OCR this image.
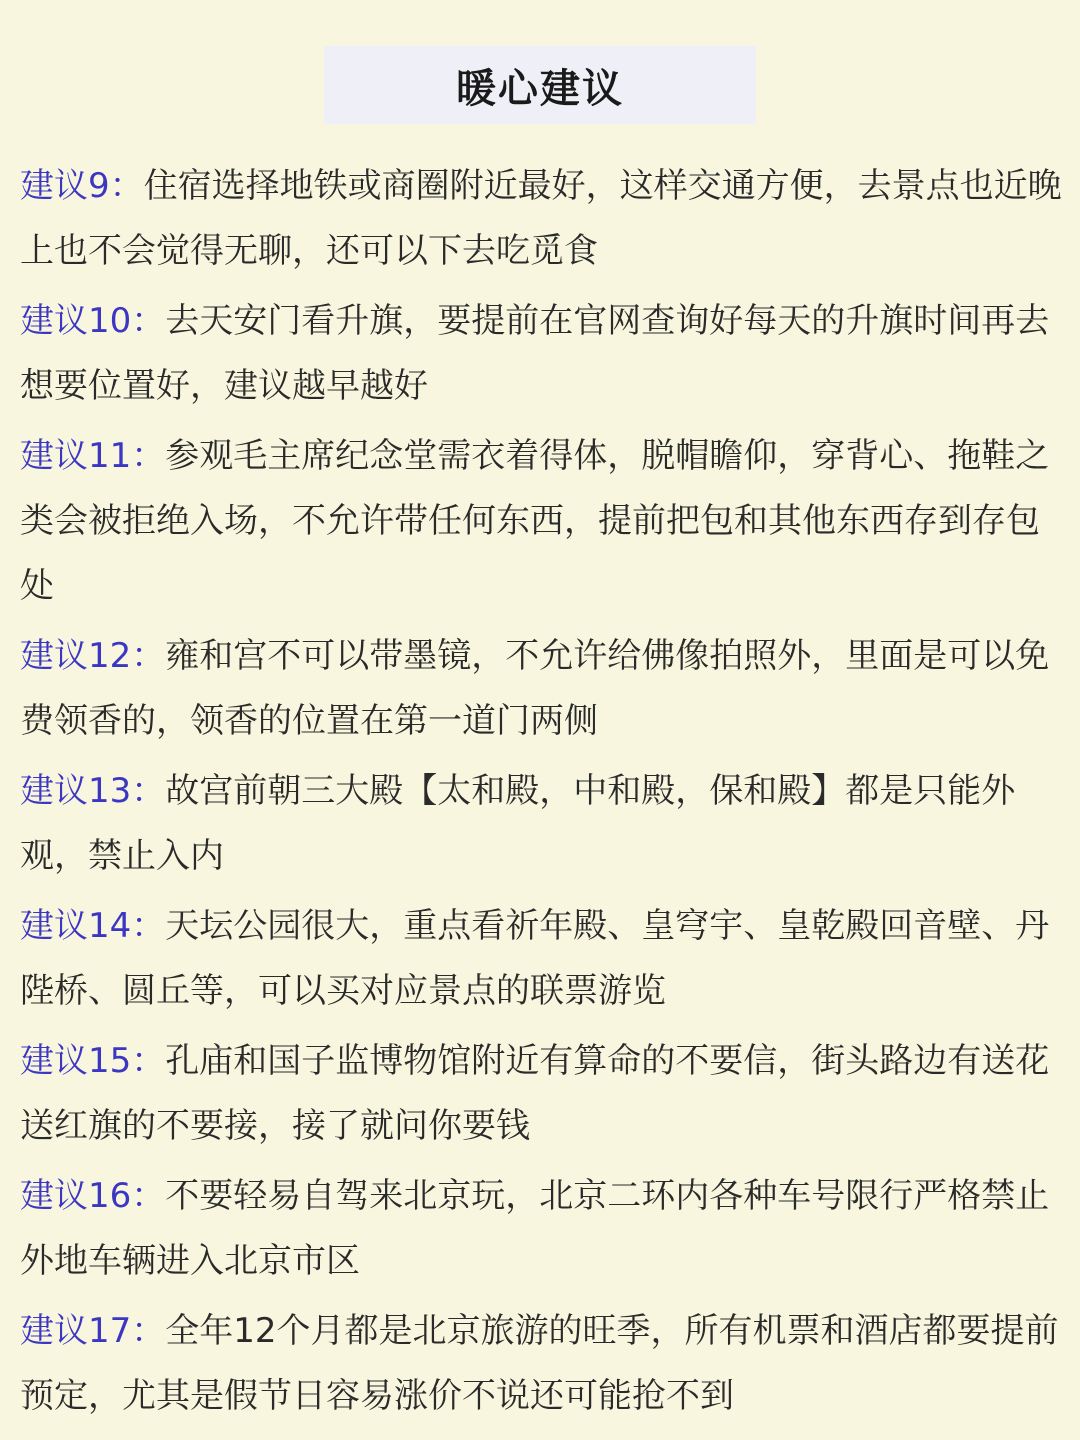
暖心建议
建议9：住宿选择地铁或商圈附近最好，这样交通方便，去景点也近晚上也不会觉得无聊，还可以下去吃觅食
建议10：去天安门看升旗，要提前在官网查询好每天的升旗时间再去想要位置好，建议越早越好
建议11：参观毛主席纪念堂需衣着得体，脱帽瞻仰，穿背心、拖鞋之类会被拒绝入场，不允许带任何东西，提前把包和其他东西存到存包处
建议12：雍和宫不可以带墨镜，不允许给佛像拍照外，里面是可以免费领香的，领香的位置在第一道门两侧
建议13：故宫前朝三大殿【太和殿，中和殿，保和殿】都是只能外观，禁止入内
建议14：天坛公园很大，重点看祈年殿、皇穹宇、皇乾殿回音壁、丹陛桥、圆丘等，可以买对应景点的联票游览
建议15：孔庙和国子监博物馆附近有算命的不要信，街头路边有送花送红旗的不要接，接了就问你要钱
建议16：不要轻易自驾来北京玩，北京二环内各种车号限行严格禁止外地车辆进入北京市区
建议17：全年12个月都是北京旅游的旺季，所有机票和酒店都要提前预定，尤其是假节日容易涨价不说还可能抢不到
